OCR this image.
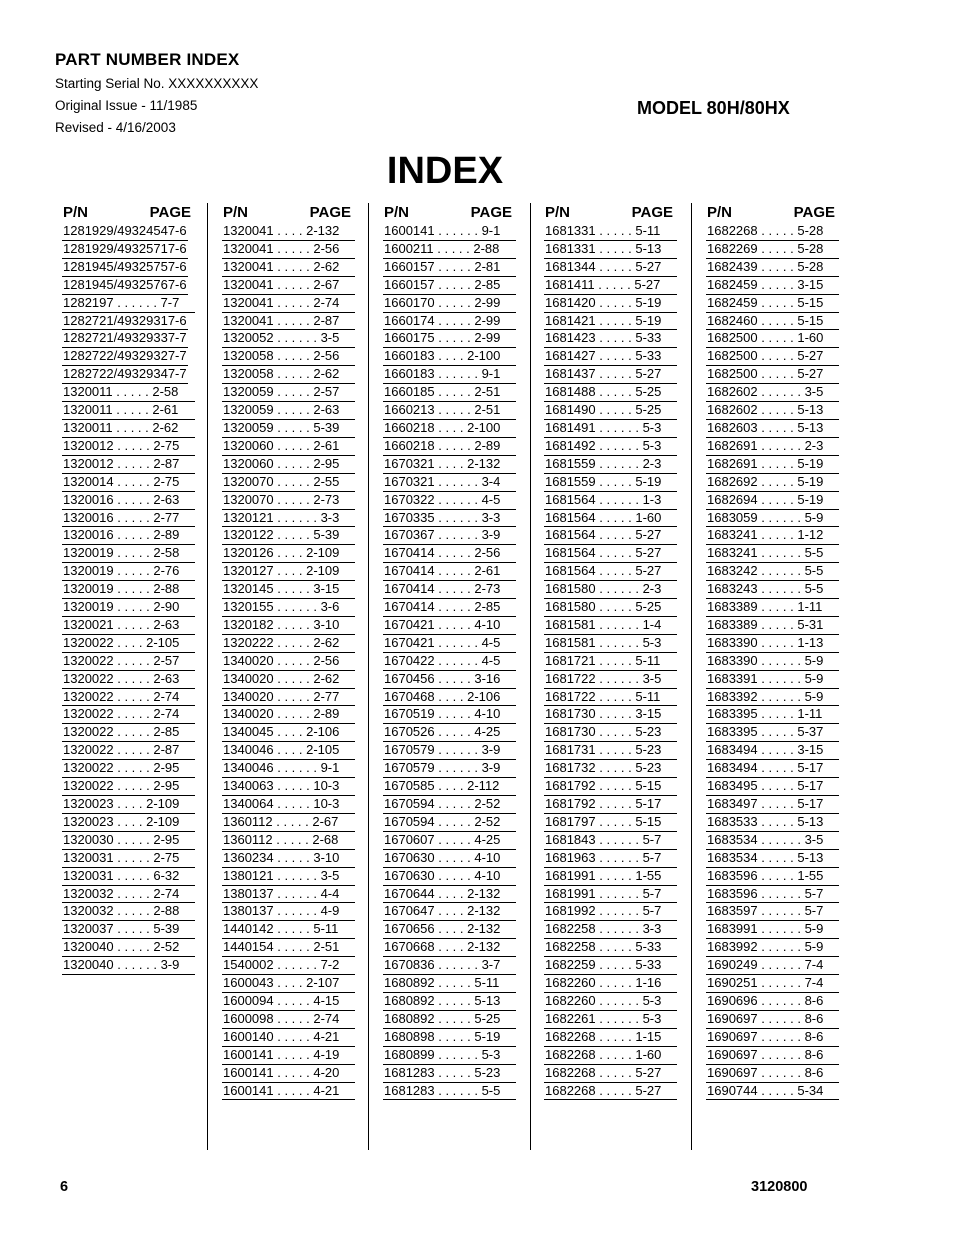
PART NUMBER INDEX
Starting Serial No. XXXXXXXXXX
Original Issue - 11/1985
Revised - 4/16/2003
MODEL 80H/80HX
INDEX
P/N	PAGE
1281929/49324547-6
1281929/49325717-6
1281945/49325757-6
1281945/49325767-6
1282197 . . . . . . 7-7
1282721/49329317-6
1282721/49329337-7
1282722/49329327-7
1282722/49329347-7
1320011 . . . . . 2-58
1320011 . . . . . 2-61
1320011 . . . . . 2-62
1320012 . . . . . 2-75
1320012 . . . . . 2-87
1320014 . . . . . 2-75
1320016 . . . . . 2-63
1320016 . . . . . 2-77
1320016 . . . . . 2-89
1320019 . . . . . 2-58
1320019 . . . . . 2-76
1320019 . . . . . 2-88
1320019 . . . . . 2-90
1320021 . . . . . 2-63
1320022 . . . . 2-105
1320022 . . . . . 2-57
1320022 . . . . . 2-63
1320022 . . . . . 2-74
1320022 . . . . . 2-74
1320022 . . . . . 2-85
1320022 . . . . . 2-87
1320022 . . . . . 2-95
1320022 . . . . . 2-95
1320023 . . . . 2-109
1320023 . . . . 2-109
1320030 . . . . . 2-95
1320031 . . . . . 2-75
1320031 . . . . . 6-32
1320032 . . . . . 2-74
1320032 . . . . . 2-88
1320037 . . . . . 5-39
1320040 . . . . . 2-52
1320040 . . . . . . 3-9
P/N	PAGE
1320041 . . . . 2-132
1320041 . . . . . 2-56
1320041 . . . . . 2-62
1320041 . . . . . 2-67
1320041 . . . . . 2-74
1320041 . . . . . 2-87
1320052 . . . . . . 3-5
1320058 . . . . . 2-56
1320058 . . . . . 2-62
1320059 . . . . . 2-57
1320059 . . . . . 2-63
1320059 . . . . . 5-39
1320060 . . . . . 2-61
1320060 . . . . . 2-95
1320070 . . . . . 2-55
1320070 . . . . . 2-73
1320121 . . . . . . 3-3
1320122 . . . . . 5-39
1320126 . . . . 2-109
1320127 . . . . 2-109
1320145 . . . . . 3-15
1320155 . . . . . . 3-6
1320182 . . . . . 3-10
1320222 . . . . . 2-62
1340020 . . . . . 2-56
1340020 . . . . . 2-62
1340020 . . . . . 2-77
1340020 . . . . . 2-89
1340045 . . . . 2-106
1340046 . . . . 2-105
1340046 . . . . . . 9-1
1340063 . . . . . 10-3
1340064 . . . . . 10-3
1360112 . . . . . 2-67
1360112 . . . . . 2-68
1360234 . . . . . 3-10
1380121 . . . . . . 3-5
1380137 . . . . . . 4-4
1380137 . . . . . . 4-9
1440142 . . . . . 5-11
1440154 . . . . . 2-51
1540002 . . . . . . 7-2
1600043 . . . . 2-107
1600094 . . . . . 4-15
1600098 . . . . . 2-74
1600140 . . . . . 4-21
1600141 . . . . . 4-19
1600141 . . . . . 4-20
1600141 . . . . . 4-21
P/N	PAGE
1600141 . . . . . . 9-1
1600211 . . . . . 2-88
1660157 . . . . . 2-81
1660157 . . . . . 2-85
1660170 . . . . . 2-99
1660174 . . . . . 2-99
1660175 . . . . . 2-99
1660183 . . . . 2-100
1660183 . . . . . . 9-1
1660185 . . . . . 2-51
1660213 . . . . . 2-51
1660218 . . . . 2-100
1660218 . . . . . 2-89
1670321 . . . . 2-132
1670321 . . . . . . 3-4
1670322 . . . . . . 4-5
1670335 . . . . . . 3-3
1670367 . . . . . . 3-9
1670414 . . . . . 2-56
1670414 . . . . . 2-61
1670414 . . . . . 2-73
1670414 . . . . . 2-85
1670421 . . . . . 4-10
1670421 . . . . . . 4-5
1670422 . . . . . . 4-5
1670456 . . . . . 3-16
1670468 . . . . 2-106
1670519 . . . . . 4-10
1670526 . . . . . 4-25
1670579 . . . . . . 3-9
1670579 . . . . . . 3-9
1670585 . . . . 2-112
1670594 . . . . . 2-52
1670594 . . . . . 2-52
1670607 . . . . . 4-25
1670630 . . . . . 4-10
1670630 . . . . . 4-10
1670644 . . . . 2-132
1670647 . . . . 2-132
1670656 . . . . 2-132
1670668 . . . . 2-132
1670836 . . . . . . 3-7
1680892 . . . . . 5-11
1680892 . . . . . 5-13
1680892 . . . . . 5-25
1680898 . . . . . 5-19
1680899 . . . . . . 5-3
1681283 . . . . . 5-23
1681283 . . . . . . 5-5
P/N	PAGE
1681331 . . . . . 5-11
1681331 . . . . . 5-13
1681344 . . . . . 5-27
1681411 . . . . . 5-27
1681420 . . . . . 5-19
1681421 . . . . . 5-19
1681423 . . . . . 5-33
1681427 . . . . . 5-33
1681437 . . . . . 5-27
1681488 . . . . . 5-25
1681490 . . . . . 5-25
1681491 . . . . . . 5-3
1681492 . . . . . . 5-3
1681559 . . . . . . 2-3
1681559 . . . . . 5-19
1681564 . . . . . . 1-3
1681564 . . . . . 1-60
1681564 . . . . . 5-27
1681564 . . . . . 5-27
1681564 . . . . . 5-27
1681580 . . . . . . 2-3
1681580 . . . . . 5-25
1681581 . . . . . . 1-4
1681581 . . . . . . 5-3
1681721 . . . . . 5-11
1681722 . . . . . . 3-5
1681722 . . . . . 5-11
1681730 . . . . . 3-15
1681730 . . . . . 5-23
1681731 . . . . . 5-23
1681732 . . . . . 5-23
1681792 . . . . . 5-15
1681792 . . . . . 5-17
1681797 . . . . . 5-15
1681843 . . . . . . 5-7
1681963 . . . . . . 5-7
1681991 . . . . . 1-55
1681991 . . . . . . 5-7
1681992 . . . . . . 5-7
1682258 . . . . . . 3-3
1682258 . . . . . 5-33
1682259 . . . . . 5-33
1682260 . . . . . 1-16
1682260 . . . . . . 5-3
1682261 . . . . . . 5-3
1682268 . . . . . 1-15
1682268 . . . . . 1-60
1682268 . . . . . 5-27
1682268 . . . . . 5-27
P/N	PAGE
1682268 . . . . . 5-28
1682269 . . . . . 5-28
1682439 . . . . . 5-28
1682459 . . . . . 3-15
1682459 . . . . . 5-15
1682460 . . . . . 5-15
1682500 . . . . . 1-60
1682500 . . . . . 5-27
1682500 . . . . . 5-27
1682602 . . . . . . 3-5
1682602 . . . . . 5-13
1682603 . . . . . 5-13
1682691 . . . . . . 2-3
1682691 . . . . . 5-19
1682692 . . . . . 5-19
1682694 . . . . . 5-19
1683059 . . . . . . 5-9
1683241 . . . . . 1-12
1683241 . . . . . . 5-5
1683242 . . . . . . 5-5
1683243 . . . . . . 5-5
1683389 . . . . . 1-11
1683389 . . . . . 5-31
1683390 . . . . . 1-13
1683390 . . . . . . 5-9
1683391 . . . . . . 5-9
1683392 . . . . . . 5-9
1683395 . . . . . 1-11
1683395 . . . . . 5-37
1683494 . . . . . 3-15
1683494 . . . . . 5-17
1683495 . . . . . 5-17
1683497 . . . . . 5-17
1683533 . . . . . 5-13
1683534 . . . . . . 3-5
1683534 . . . . . 5-13
1683596 . . . . . 1-55
1683596 . . . . . . 5-7
1683597 . . . . . . 5-7
1683991 . . . . . . 5-9
1683992 . . . . . . 5-9
1690249 . . . . . . 7-4
1690251 . . . . . . 7-4
1690696 . . . . . . 8-6
1690697 . . . . . . 8-6
1690697 . . . . . . 8-6
1690697 . . . . . . 8-6
1690697 . . . . . . 8-6
1690744 . . . . . 5-34
6	3120800
